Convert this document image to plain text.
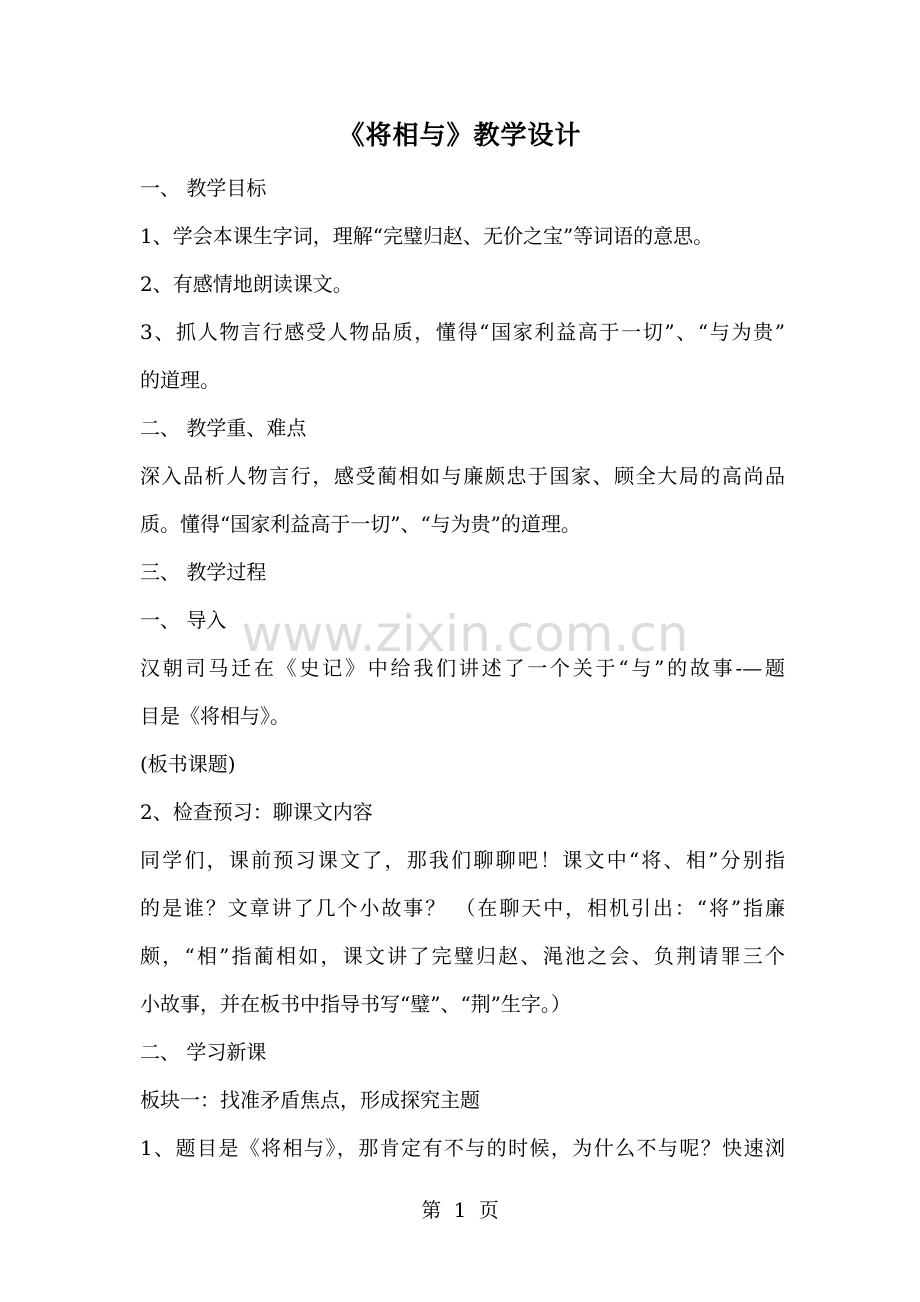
www.zixin.com.cn
《将相与》教学设计
一、 教学目标
1、学会本课生字词，理解“完璧归赵、无价之宝”等词语的意思。
2、有感情地朗读课文。
3、抓人物言行感受人物品质，懂得“国家利益高于一切”、“与为贵”
的道理。
二、 教学重、难点
深入品析人物言行，感受蔺相如与廉颇忠于国家、顾全大局的高尚品
质。懂得“国家利益高于一切”、“与为贵”的道理。
三、 教学过程
一、 导入
汉朝司马迁在《史记》中给我们讲述了一个关于“与”的故事-—题
目是《将相与》。
(板书课题)
2、检查预习：聊课文内容
同学们，课前预习课文了，那我们聊聊吧！课文中“将、相”分别指
的是谁？文章讲了几个小故事？ （在聊天中，相机引出：“将”指廉
颇，“相”指蔺相如，课文讲了完璧归赵、渑池之会、负荆请罪三个
小故事，并在板书中指导书写“璧”、“荆”生字。）
二、 学习新课
板块一：找准矛盾焦点，形成探究主题
1、题目是《将相与》，那肯定有不与的时候，为什么不与呢？快速浏
第 1 页
